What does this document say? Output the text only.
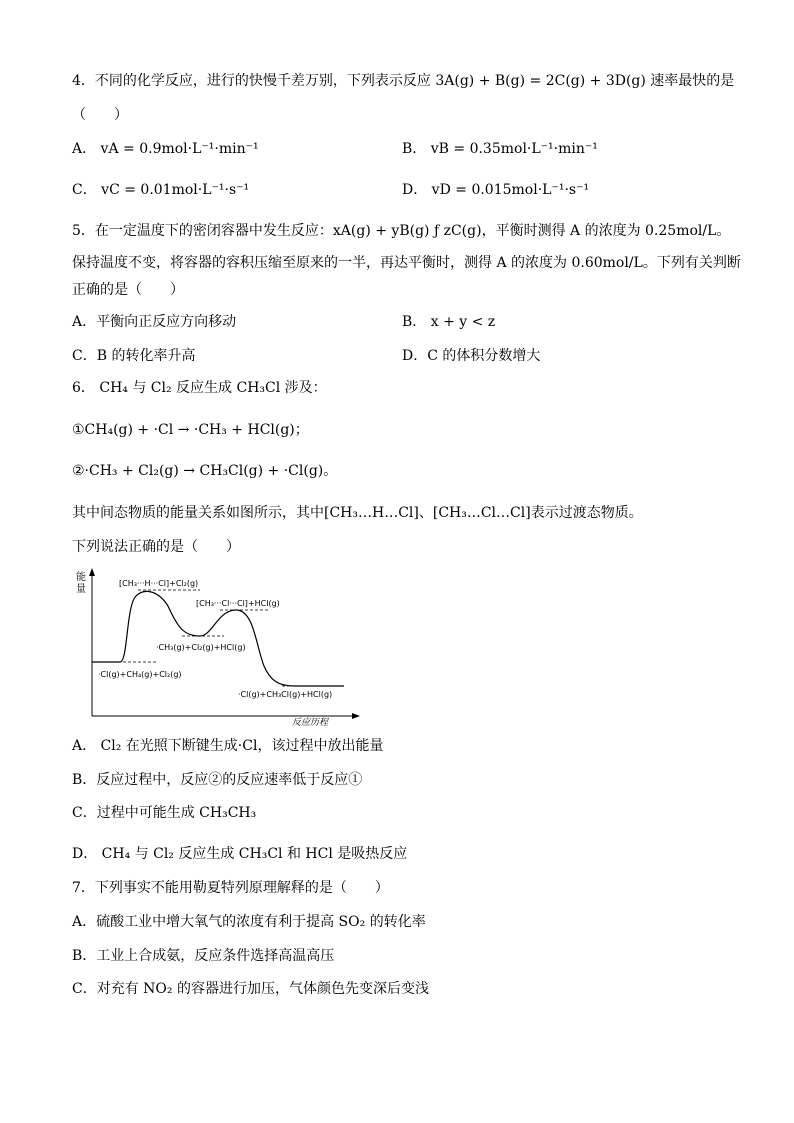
4．不同的化学反应，进行的快慢千差万别，下列表示反应 3A(g) + B(g) = 2C(g) + 3D(g) 速率最快的是
（　　）
A． vA = 0.9mol·L⁻¹·min⁻¹	B． vB = 0.35mol·L⁻¹·min⁻¹
C． vC = 0.01mol·L⁻¹·s⁻¹	D． vD = 0.015mol·L⁻¹·s⁻¹
5．在一定温度下的密闭容器中发生反应：xA(g) + yB(g) ƒ zC(g)，平衡时测得 A 的浓度为 0.25mol/L。
保持温度不变，将容器的容积压缩至原来的一半，再达平衡时，测得 A 的浓度为 0.60mol/L。下列有关判断
正确的是（　　）
A．平衡向正反应方向移动	B． x + y < z
C．B 的转化率升高	D．C 的体积分数增大
6． CH₄ 与 Cl₂ 反应生成 CH₃Cl 涉及：
①CH₄(g) + ·Cl → ·CH₃ + HCl(g)；
②·CH₃ + Cl₂(g) → CH₃Cl(g) + ·Cl(g)。
其中间态物质的能量关系如图所示，其中[CH₃…H…Cl]、[CH₃…Cl…Cl]表示过渡态物质。
下列说法正确的是（　　）
能
量
反应历程
[CH₃···H···Cl]+Cl₂(g)
[CH₃···Cl···Cl]+HCl(g)
·CH₃(g)+Cl₂(g)+HCl(g)
·Cl(g)+CH₄(g)+Cl₂(g)
·Cl(g)+CH₃Cl(g)+HCl(g)
A． Cl₂ 在光照下断键生成·Cl，该过程中放出能量
B．反应过程中，反应②的反应速率低于反应①
C．过程中可能生成 CH₃CH₃
D． CH₄ 与 Cl₂ 反应生成 CH₃Cl 和 HCl 是吸热反应
7．下列事实不能用勒夏特列原理解释的是（　　）
A．硫酸工业中增大氧气的浓度有利于提高 SO₂ 的转化率
B．工业上合成氨，反应条件选择高温高压
C．对充有 NO₂ 的容器进行加压，气体颜色先变深后变浅
